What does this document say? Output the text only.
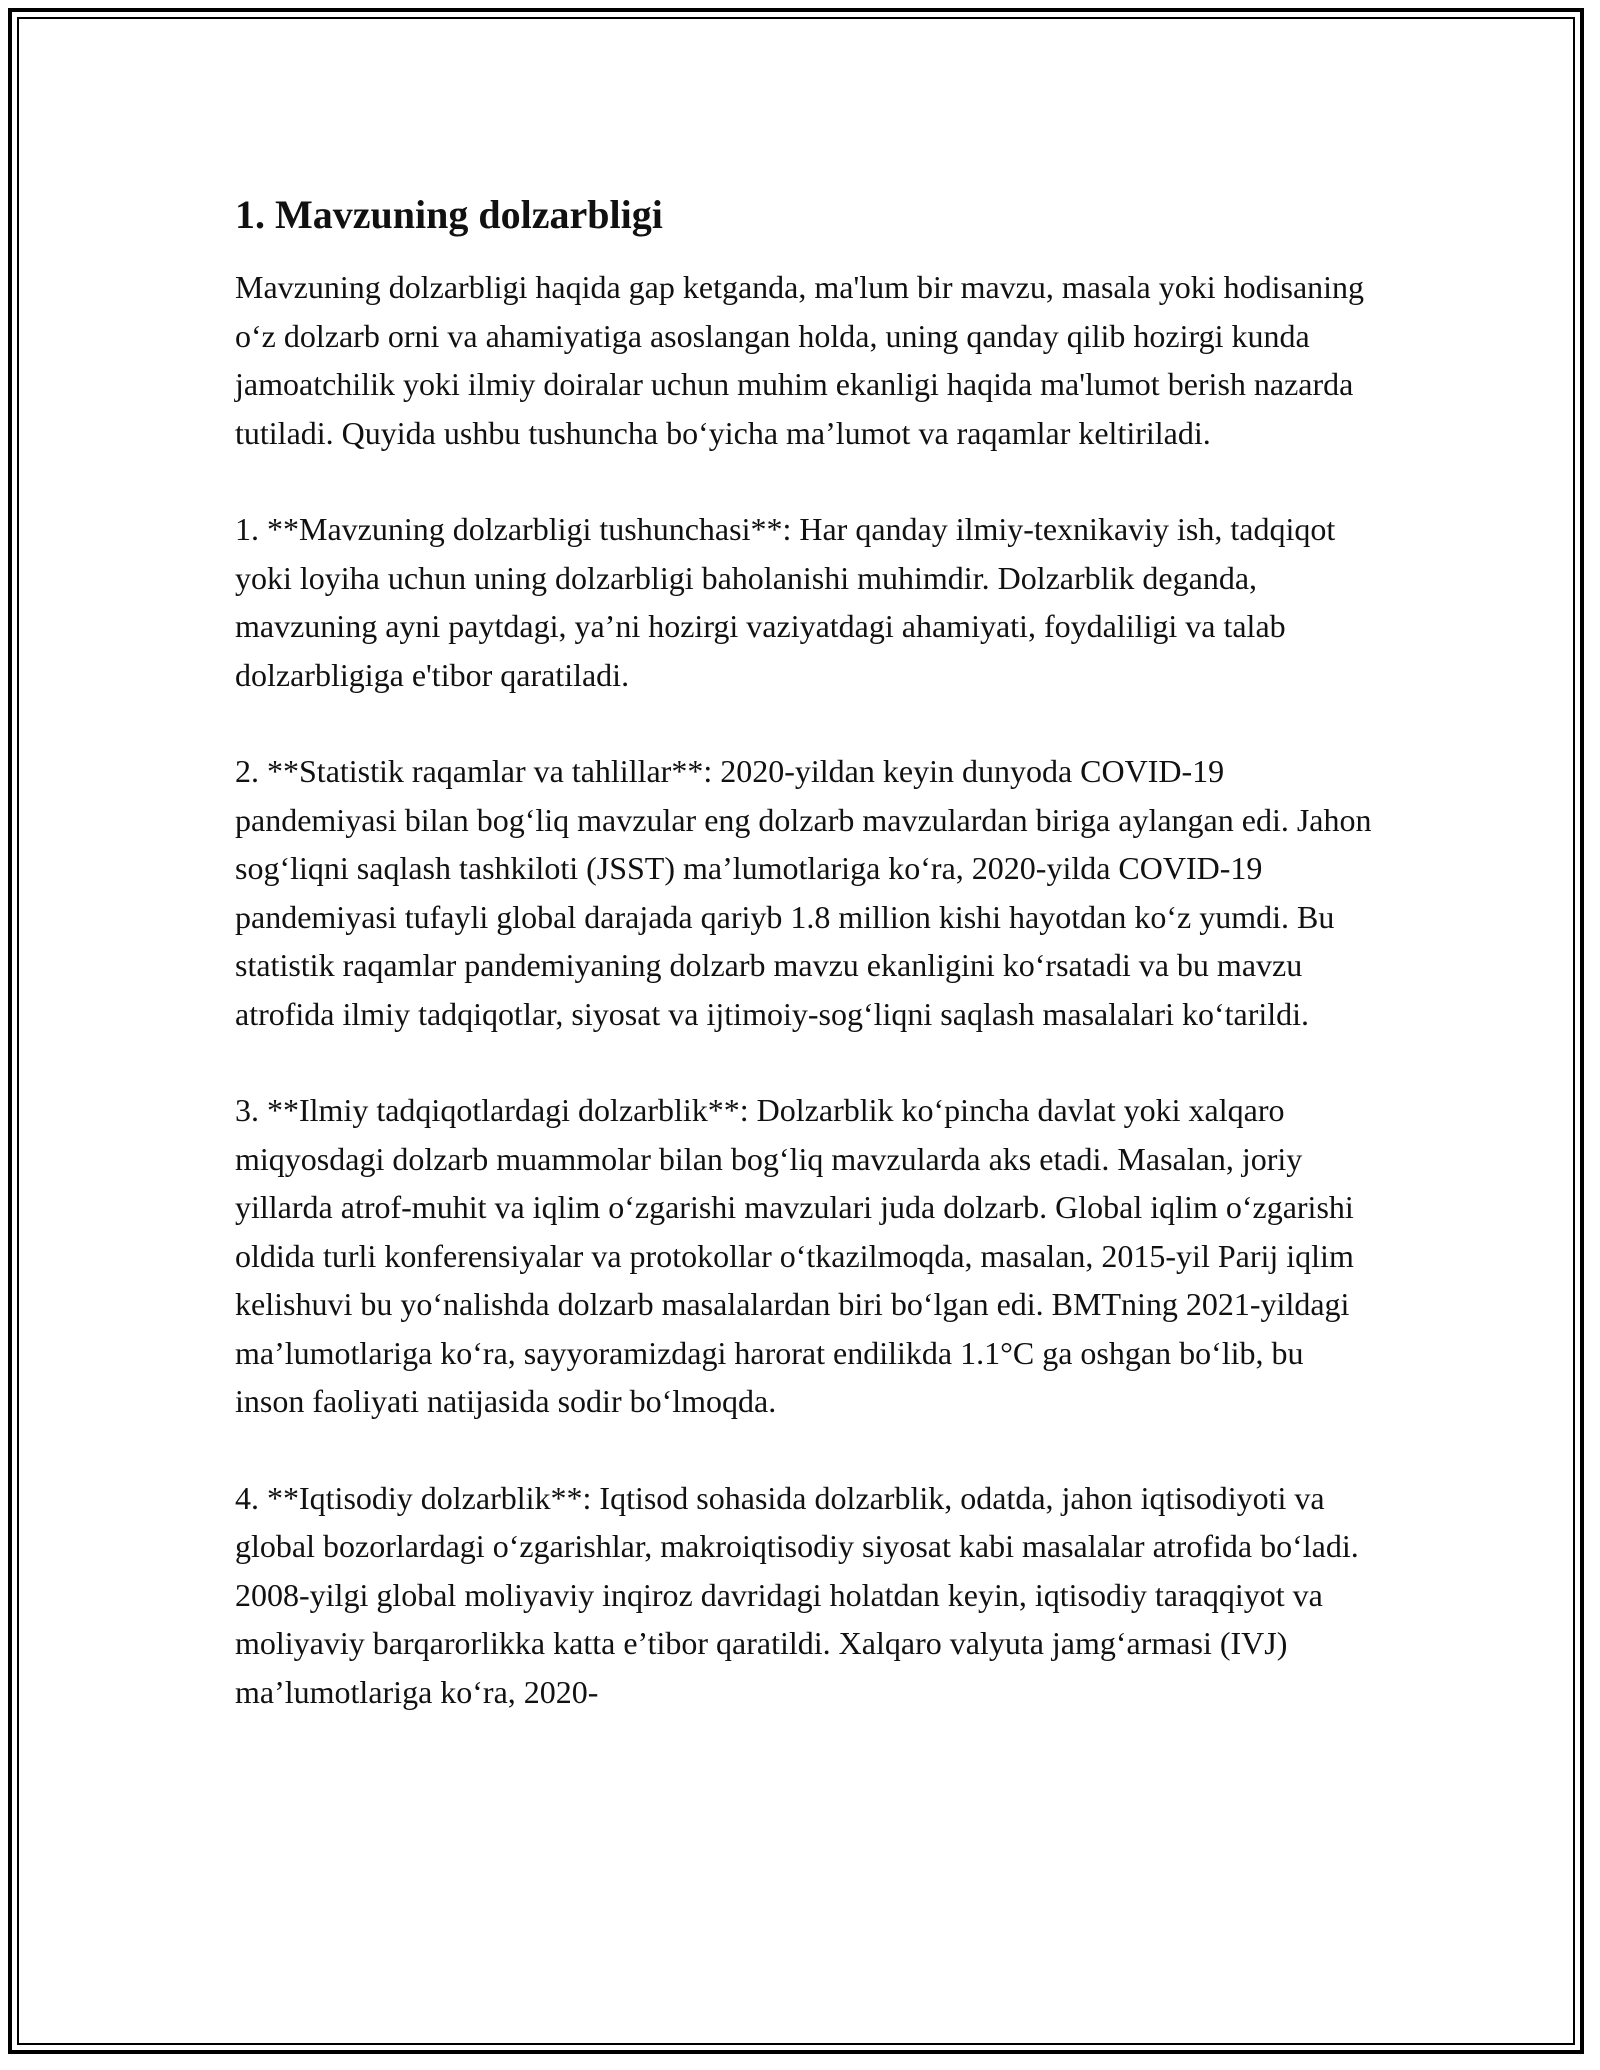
1. Mavzuning dolzarbligi

Mavzuning dolzarbligi haqida gap ketganda, ma'lum bir mavzu, masala yoki hodisaning o‘z dolzarb orni va ahamiyatiga asoslangan holda, uning qanday qilib hozirgi kunda jamoatchilik yoki ilmiy doiralar uchun muhim ekanligi haqida ma'lumot berish nazarda tutiladi. Quyida ushbu tushuncha bo‘yicha ma’lumot va raqamlar keltiriladi.

1. **Mavzuning dolzarbligi tushunchasi**: Har qanday ilmiy-texnikaviy ish, tadqiqot yoki loyiha uchun uning dolzarbligi baholanishi muhimdir. Dolzarblik deganda, mavzuning ayni paytdagi, ya’ni hozirgi vaziyatdagi ahamiyati, foydaliligi va talab dolzarbligiga e'tibor qaratiladi.

2. **Statistik raqamlar va tahlillar**: 2020-yildan keyin dunyoda COVID-19 pandemiyasi bilan bog‘liq mavzular eng dolzarb mavzulardan biriga aylangan edi. Jahon sog‘liqni saqlash tashkiloti (JSST) ma’lumotlariga ko‘ra, 2020-yilda COVID-19 pandemiyasi tufayli global darajada qariyb 1.8 million kishi hayotdan ko‘z yumdi. Bu statistik raqamlar pandemiyaning dolzarb mavzu ekanligini ko‘rsatadi va bu mavzu atrofida ilmiy tadqiqotlar, siyosat va ijtimoiy-sog‘liqni saqlash masalalari ko‘tarildi.

3. **Ilmiy tadqiqotlardagi dolzarblik**: Dolzarblik ko‘pincha davlat yoki xalqaro miqyosdagi dolzarb muammolar bilan bog‘liq mavzularda aks etadi. Masalan, joriy yillarda atrof-muhit va iqlim o‘zgarishi mavzulari juda dolzarb. Global iqlim o‘zgarishi oldida turli konferensiyalar va protokollar o‘tkazilmoqda, masalan, 2015-yil Parij iqlim kelishuvi bu yo‘nalishda dolzarb masalalardan biri bo‘lgan edi. BMTning 2021-yildagi ma’lumotlariga ko‘ra, sayyoramizdagi harorat endilikda 1.1°C ga oshgan bo‘lib, bu inson faoliyati natijasida sodir bo‘lmoqda.

4. **Iqtisodiy dolzarblik**: Iqtisod sohasida dolzarblik, odatda, jahon iqtisodiyoti va global bozorlardagi o‘zgarishlar, makroiqtisodiy siyosat kabi masalalar atrofida bo‘ladi. 2008-yilgi global moliyaviy inqiroz davridagi holatdan keyin, iqtisodiy taraqqiyot va moliyaviy barqarorlikka katta e’tibor qaratildi. Xalqaro valyuta jamg‘armasi (IVJ) ma’lumotlariga ko‘ra, 2020-
